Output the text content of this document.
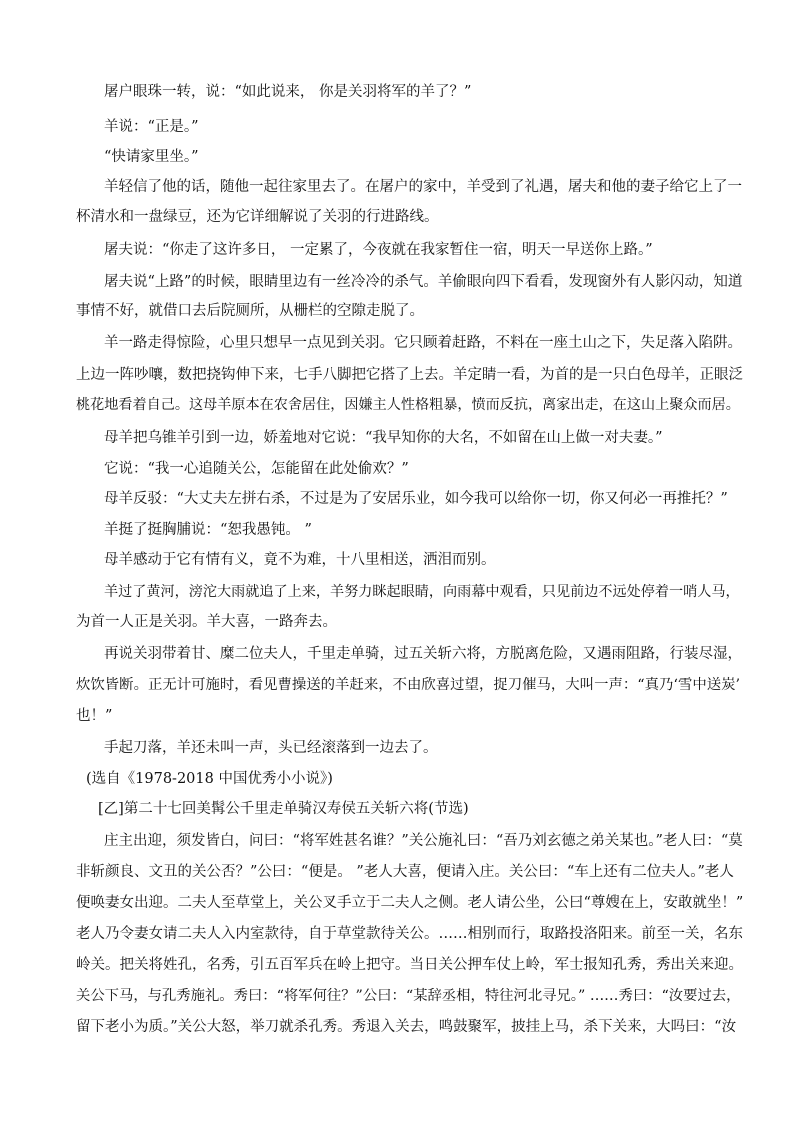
屠户眼珠一转，说：“如此说来， 你是关羽将军的羊了？”
羊说：“正是。”
“快请家里坐。”
羊轻信了他的话，随他一起往家里去了。在屠户的家中，羊受到了礼遇，屠夫和他的妻子给它上了一
杯清水和一盘绿豆，还为它详细解说了关羽的行进路线。
屠夫说：“你走了这许多日， 一定累了，今夜就在我家暂住一宿，明天一早送你上路。”
屠夫说“上路”的时候，眼睛里边有一丝冷冷的杀气。羊偷眼向四下看看，发现窗外有人影闪动，知道
事情不好，就借口去后院厕所，从栅栏的空隙走脱了。
羊一路走得惊险，心里只想早一点见到关羽。它只顾着赶路，不料在一座土山之下，失足落入陷阱。
上边一阵吵嚷，数把挠钩伸下来，七手八脚把它搭了上去。羊定睛一看，为首的是一只白色母羊，正眼泛
桃花地看着自己。这母羊原本在农舍居住，因嫌主人性格粗暴，愤而反抗，离家出走，在这山上聚众而居。
母羊把乌锥羊引到一边，娇羞地对它说：“我早知你的大名，不如留在山上做一对夫妻。”
它说：“我一心追随关公，怎能留在此处偷欢？”
母羊反驳：“大丈夫左拼右杀，不过是为了安居乐业，如今我可以给你一切，你又何必一再推托？”
羊挺了挺胸脯说：“恕我愚钝。 ”
母羊感动于它有情有义，竟不为难，十八里相送，洒泪而别。
羊过了黄河，滂沱大雨就追了上来，羊努力眯起眼睛，向雨幕中观看，只见前边不远处停着一哨人马，
为首一人正是关羽。羊大喜，一路奔去。
再说关羽带着甘、糜二位夫人，千里走单骑，过五关斩六将，方脱离危险，又遇雨阻路，行装尽湿，
炊饮皆断。正无计可施时，看见曹操送的羊赶来，不由欣喜过望，捉刀催马，大叫一声：“真乃‘雪中送炭’
也！”
手起刀落，羊还未叫一声，头已经滚落到一边去了。
(选自《1978-2018 中国优秀小小说》)
[乙]第二十七回美髯公千里走单骑汉寿侯五关斩六将(节选)
庄主出迎，须发皆白，问曰：“将军姓甚名谁？”关公施礼曰：“吾乃刘玄德之弟关某也。”老人曰：“莫
非斩颜良、文丑的关公否？”公曰：“便是。 ”老人大喜，便请入庄。关公曰：“车上还有二位夫人。”老人
便唤妻女出迎。二夫人至草堂上，关公叉手立于二夫人之侧。老人请公坐，公曰“尊嫂在上，安敢就坐！”
老人乃令妻女请二夫人入内室款待，自于草堂款待关公。……相别而行，取路投洛阳来。前至一关，名东
岭关。把关将姓孔，名秀，引五百军兵在岭上把守。当日关公押车仗上岭，军士报知孔秀，秀出关来迎。
关公下马，与孔秀施礼。秀曰：“将军何往？”公曰：“某辞丞相，特往河北寻兄。” ……秀曰：“汝要过去，
留下老小为质。”关公大怒，举刀就杀孔秀。秀退入关去，鸣鼓聚军，披挂上马，杀下关来，大吗曰：“汝
